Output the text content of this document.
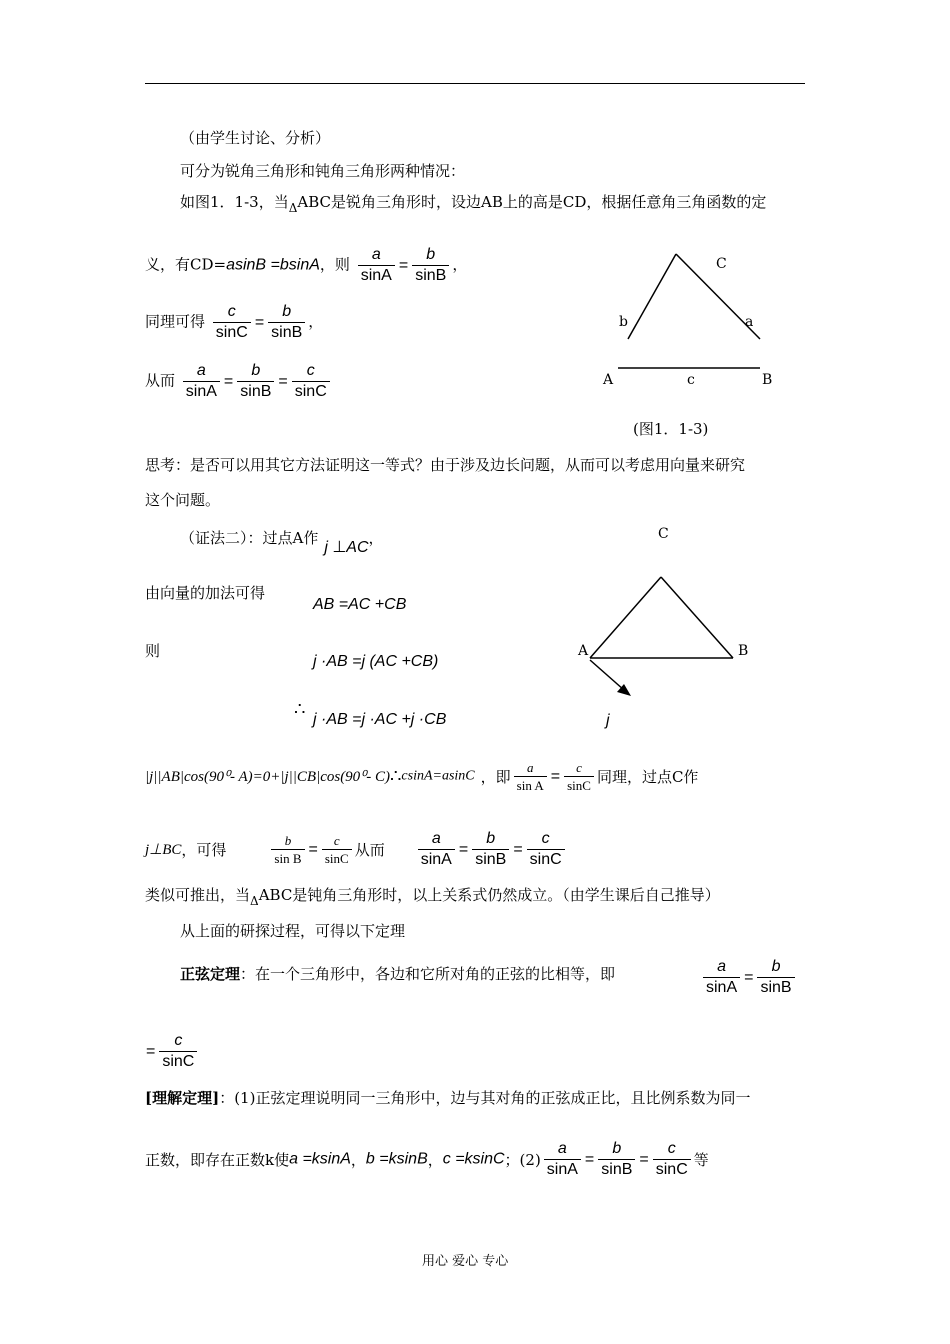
（由学生讨论、分析）
可分为锐角三角形和钝角三角形两种情况：
如图1．1-3，当$_\Delta$ABC是锐角三角形时，设边AB上的高是CD，根据任意角三角函数的定
义，有CD=asinB =bsinA，则 $\frac{a}{\sin A} = \frac{b}{\sin B}$ ，
同理可得 $\frac{c}{\sin C} = \frac{b}{\sin B}$ ，
从而 $\frac{a}{\sin A} = \frac{b}{\sin B} = \frac{c}{\sin C}$
C
b	a
A	c	B
(图1．1-3)
思考：是否可以用其它方法证明这一等式？由于涉及边长问题，从而可以考虑用向量来研究
这个问题。
（证法二）：过点A作j ⊥AC，
由向量的加法可得
AB =AC +CB
则
j ·AB =j (AC +CB)
∴ j ·AB =j ·AC +j ·CB
C
A	B
j
|j||AB|cos(90⁰- A)=0+|j||CB|cos(90⁰- C)∴csinA=asinC ，即 $\frac{a}{\text{sin A}} = \frac{c}{\sin C}$ 同理，过点C作
j⊥BC，可得	$\frac{b}{\text{sin B}} = \frac{c}{\sin C}$ 从而 $\frac{a}{\sin A} = \frac{b}{\sin B} = \frac{c}{\sin C}$
类似可推出，当$_\Delta$ABC是钝角三角形时，以上关系式仍然成立。（由学生课后自己推导）
从上面的研探过程，可得以下定理
正弦定理：在一个三角形中，各边和它所对角的正弦的比相等，即	$\frac{a}{\sin A} = \frac{b}{\sin B}$
= $\frac{c}{\sin C}$
[理解定理]：(1)正弦定理说明同一三角形中，边与其对角的正弦成正比，且比例系数为同一
正数，即存在正数k使a =ksinA，b =ksinB，c =ksinC；$(2) \frac{a}{\sin A} = \frac{b}{\sin B} = \frac{c}{\sin C}$ 等
用心 爱心 专心
